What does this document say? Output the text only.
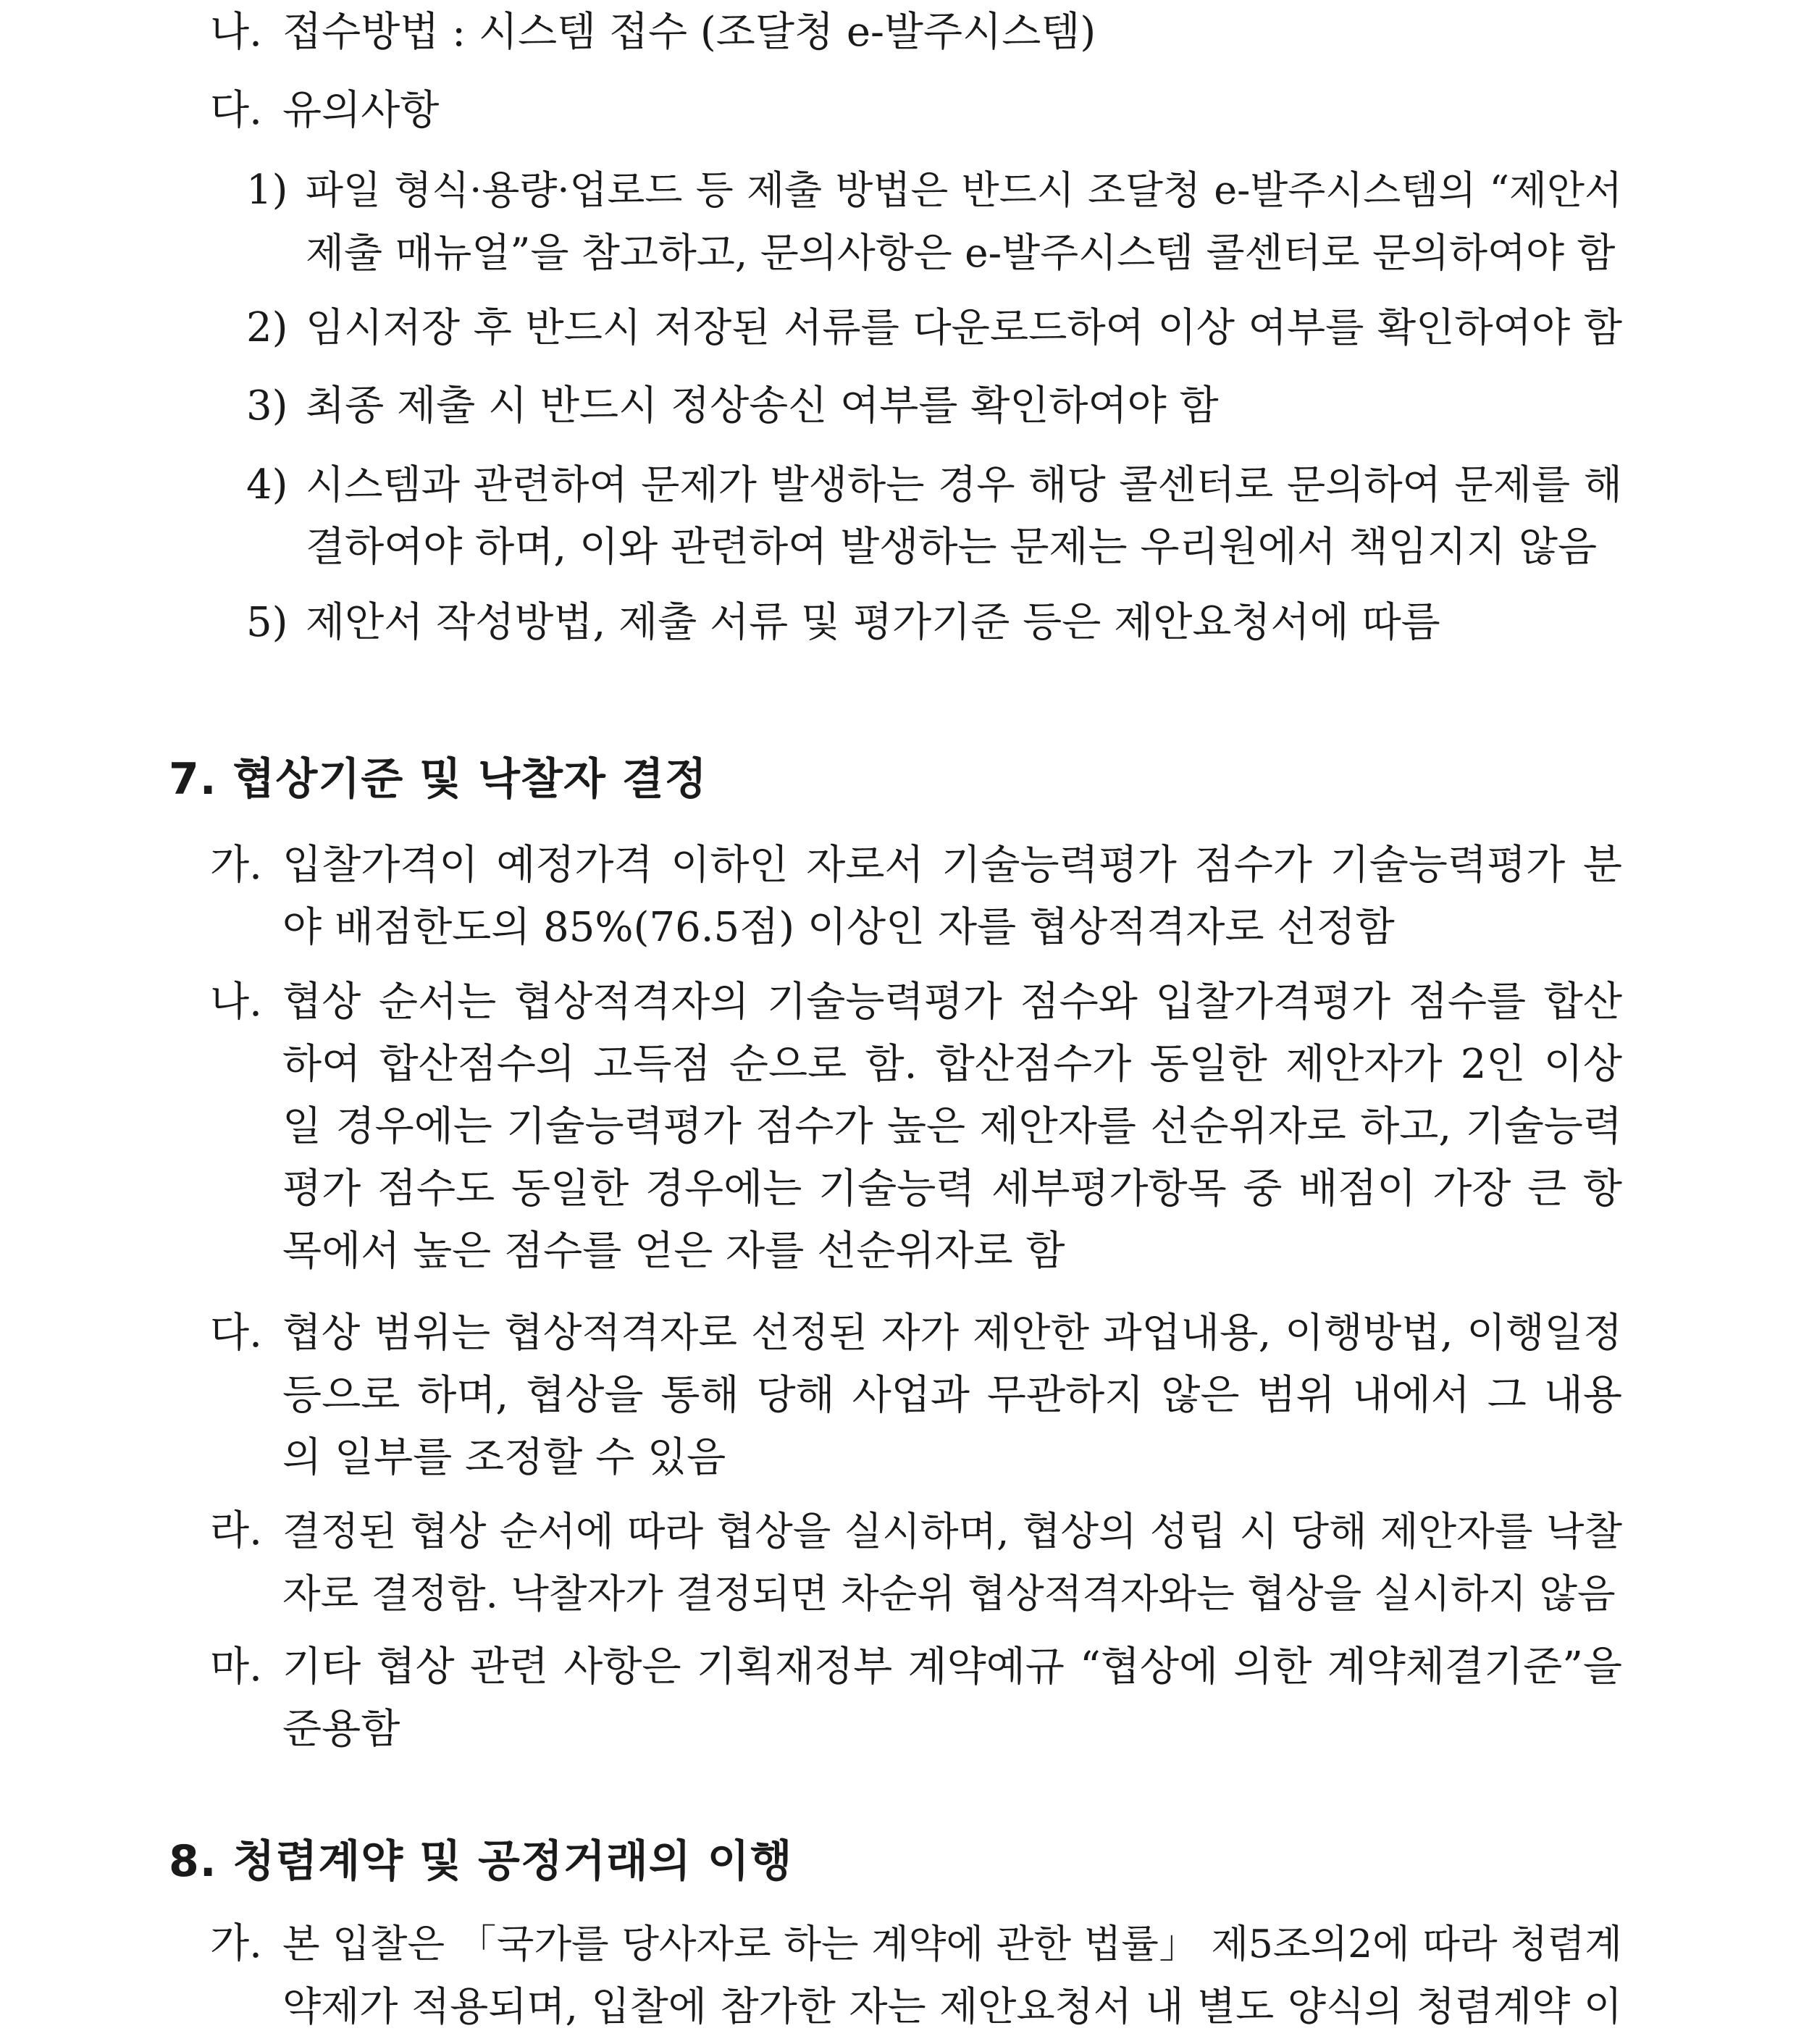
나. 접수방법 : 시스템 접수 (조달청 e-발주시스템)
다. 유의사항
1) 파일 형식·용량·업로드 등 제출 방법은 반드시 조달청 e-발주시스템의 “제안서
제출 매뉴얼”을 참고하고, 문의사항은 e-발주시스템 콜센터로 문의하여야 함
2) 임시저장 후 반드시 저장된 서류를 다운로드하여 이상 여부를 확인하여야 함
3) 최종 제출 시 반드시 정상송신 여부를 확인하여야 함
4) 시스템과 관련하여 문제가 발생하는 경우 해당 콜센터로 문의하여 문제를 해
결하여야 하며, 이와 관련하여 발생하는 문제는 우리원에서 책임지지 않음
5) 제안서 작성방법, 제출 서류 및 평가기준 등은 제안요청서에 따름
7. 협상기준 및 낙찰자 결정
가. 입찰가격이 예정가격 이하인 자로서 기술능력평가 점수가 기술능력평가 분
야 배점한도의 85%(76.5점) 이상인 자를 협상적격자로 선정함
나. 협상 순서는 협상적격자의 기술능력평가 점수와 입찰가격평가 점수를 합산
하여 합산점수의 고득점 순으로 함. 합산점수가 동일한 제안자가 2인 이상
일 경우에는 기술능력평가 점수가 높은 제안자를 선순위자로 하고, 기술능력
평가 점수도 동일한 경우에는 기술능력 세부평가항목 중 배점이 가장 큰 항
목에서 높은 점수를 얻은 자를 선순위자로 함
다. 협상 범위는 협상적격자로 선정된 자가 제안한 과업내용, 이행방법, 이행일정
등으로 하며, 협상을 통해 당해 사업과 무관하지 않은 범위 내에서 그 내용
의 일부를 조정할 수 있음
라. 결정된 협상 순서에 따라 협상을 실시하며, 협상의 성립 시 당해 제안자를 낙찰
자로 결정함. 낙찰자가 결정되면 차순위 협상적격자와는 협상을 실시하지 않음
마. 기타 협상 관련 사항은 기획재정부 계약예규 “협상에 의한 계약체결기준”을
준용함
8. 청렴계약 및 공정거래의 이행
가. 본 입찰은 「국가를 당사자로 하는 계약에 관한 법률」 제5조의2에 따라 청렴계
약제가 적용되며, 입찰에 참가한 자는 제안요청서 내 별도 양식의 청렴계약 이
